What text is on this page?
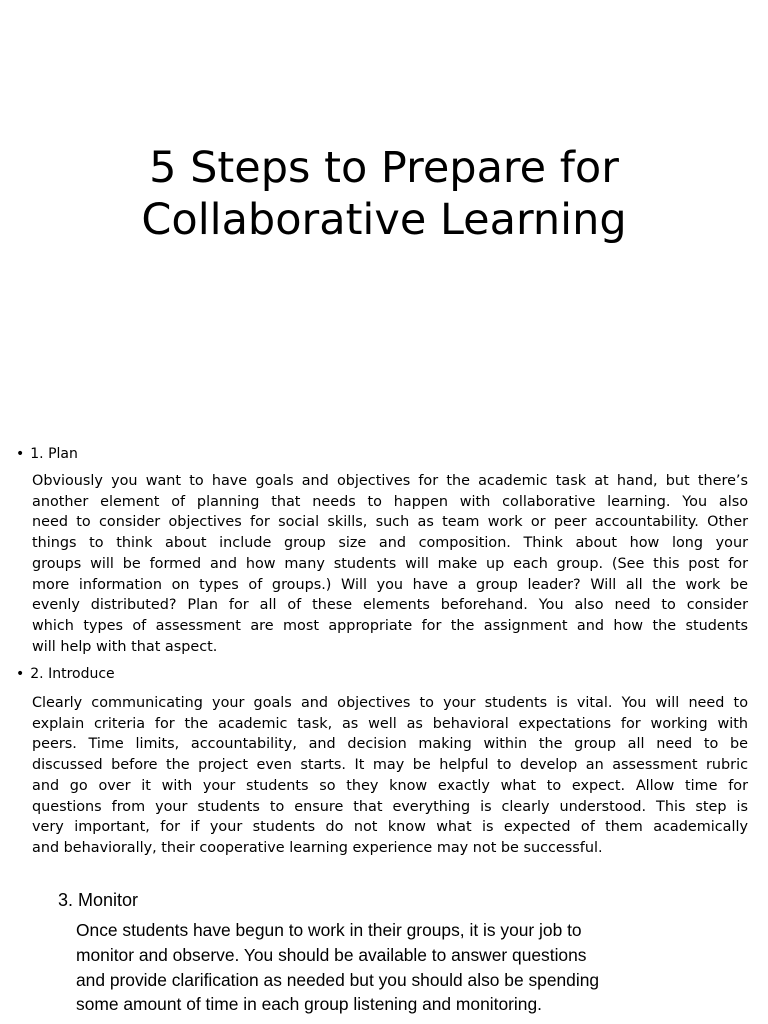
5 Steps to Prepare for
Collaborative Learning

• 1. Plan

Obviously you want to have goals and objectives for the academic task at hand, but there’s
another element of planning that needs to happen with collaborative learning. You also
need to consider objectives for social skills, such as team work or peer accountability. Other
things to think about include group size and composition. Think about how long your
groups will be formed and how many students will make up each group. (See this post for
more information on types of groups.) Will you have a group leader? Will all the work be
evenly distributed? Plan for all of these elements beforehand. You also need to consider
which types of assessment are most appropriate for the assignment and how the students
will help with that aspect.

• 2. Introduce

Clearly communicating your goals and objectives to your students is vital. You will need to
explain criteria for the academic task, as well as behavioral expectations for working with
peers. Time limits, accountability, and decision making within the group all need to be
discussed before the project even starts. It may be helpful to develop an assessment rubric
and go over it with your students so they know exactly what to expect. Allow time for
questions from your students to ensure that everything is clearly understood. This step is
very important, for if your students do not know what is expected of them academically
and behaviorally, their cooperative learning experience may not be successful.

3. Monitor

Once students have begun to work in their groups, it is your job to
monitor and observe. You should be available to answer questions
and provide clarification as needed but you should also be spending
some amount of time in each group listening and monitoring.
